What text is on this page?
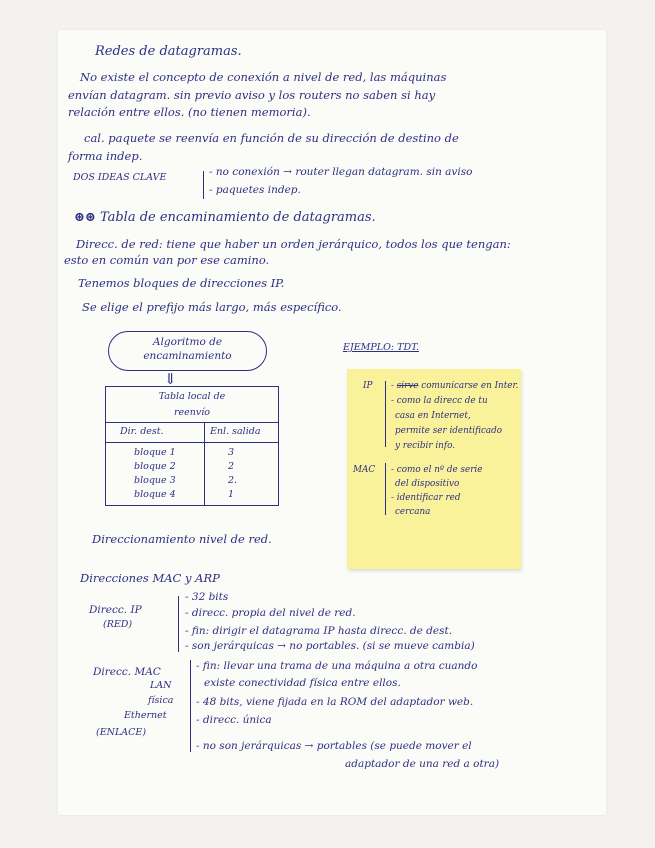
Redes de datagramas.
No existe el concepto de conexión a nivel de red, las máquinas
envían datagram. sin previo aviso y los routers no saben si hay
relación entre ellos. (no tienen memoria).
cal. paquete se reenvía en función de su dirección de destino de
forma indep.
DOS IDEAS CLAVE	- no conexión → router llegan datagram. sin aviso
- paquetes indep.
⊛⊛ Tabla de encaminamiento de datagramas.
Direcc. de red: tiene que haber un orden jerárquico, todos los que tengan:
esto en común van por ese camino.
Tenemos bloques de direcciones IP.
Se elige el prefijo más largo, más específico.
Algoritmo de
encaminamiento
⇓
EJEMPLO: TDT.
Tabla local de
reenvío
Dir. dest.	Enl. salida
bloque 1	3
bloque 2	2
bloque 3	2.
bloque 4	1
IP - sirve comunicarse en Inter.
- como la direcc de tu
casa en Internet,
permite ser identificado
y recibir info.
MAC - como el nº de serie
del dispositivo
- identificar red
cercana
Direccionamiento nivel de red.
Direcciones MAC y ARP
Direcc. IP
(RED)
- 32 bits
- direcc. propia del nivel de red.
- fin: dirigir el datagrama IP hasta direcc. de dest.
- son jerárquicas → no portables. (si se mueve cambia)
Direcc. MAC
LAN
física
Ethernet
(ENLACE)
- fin: llevar una trama de una máquina a otra cuando
existe conectividad física entre ellos.
- 48 bits, viene fijada en la ROM del adaptador web.
- direcc. única
- no son jerárquicas → portables (se puede mover el
adaptador de una red a otra)
